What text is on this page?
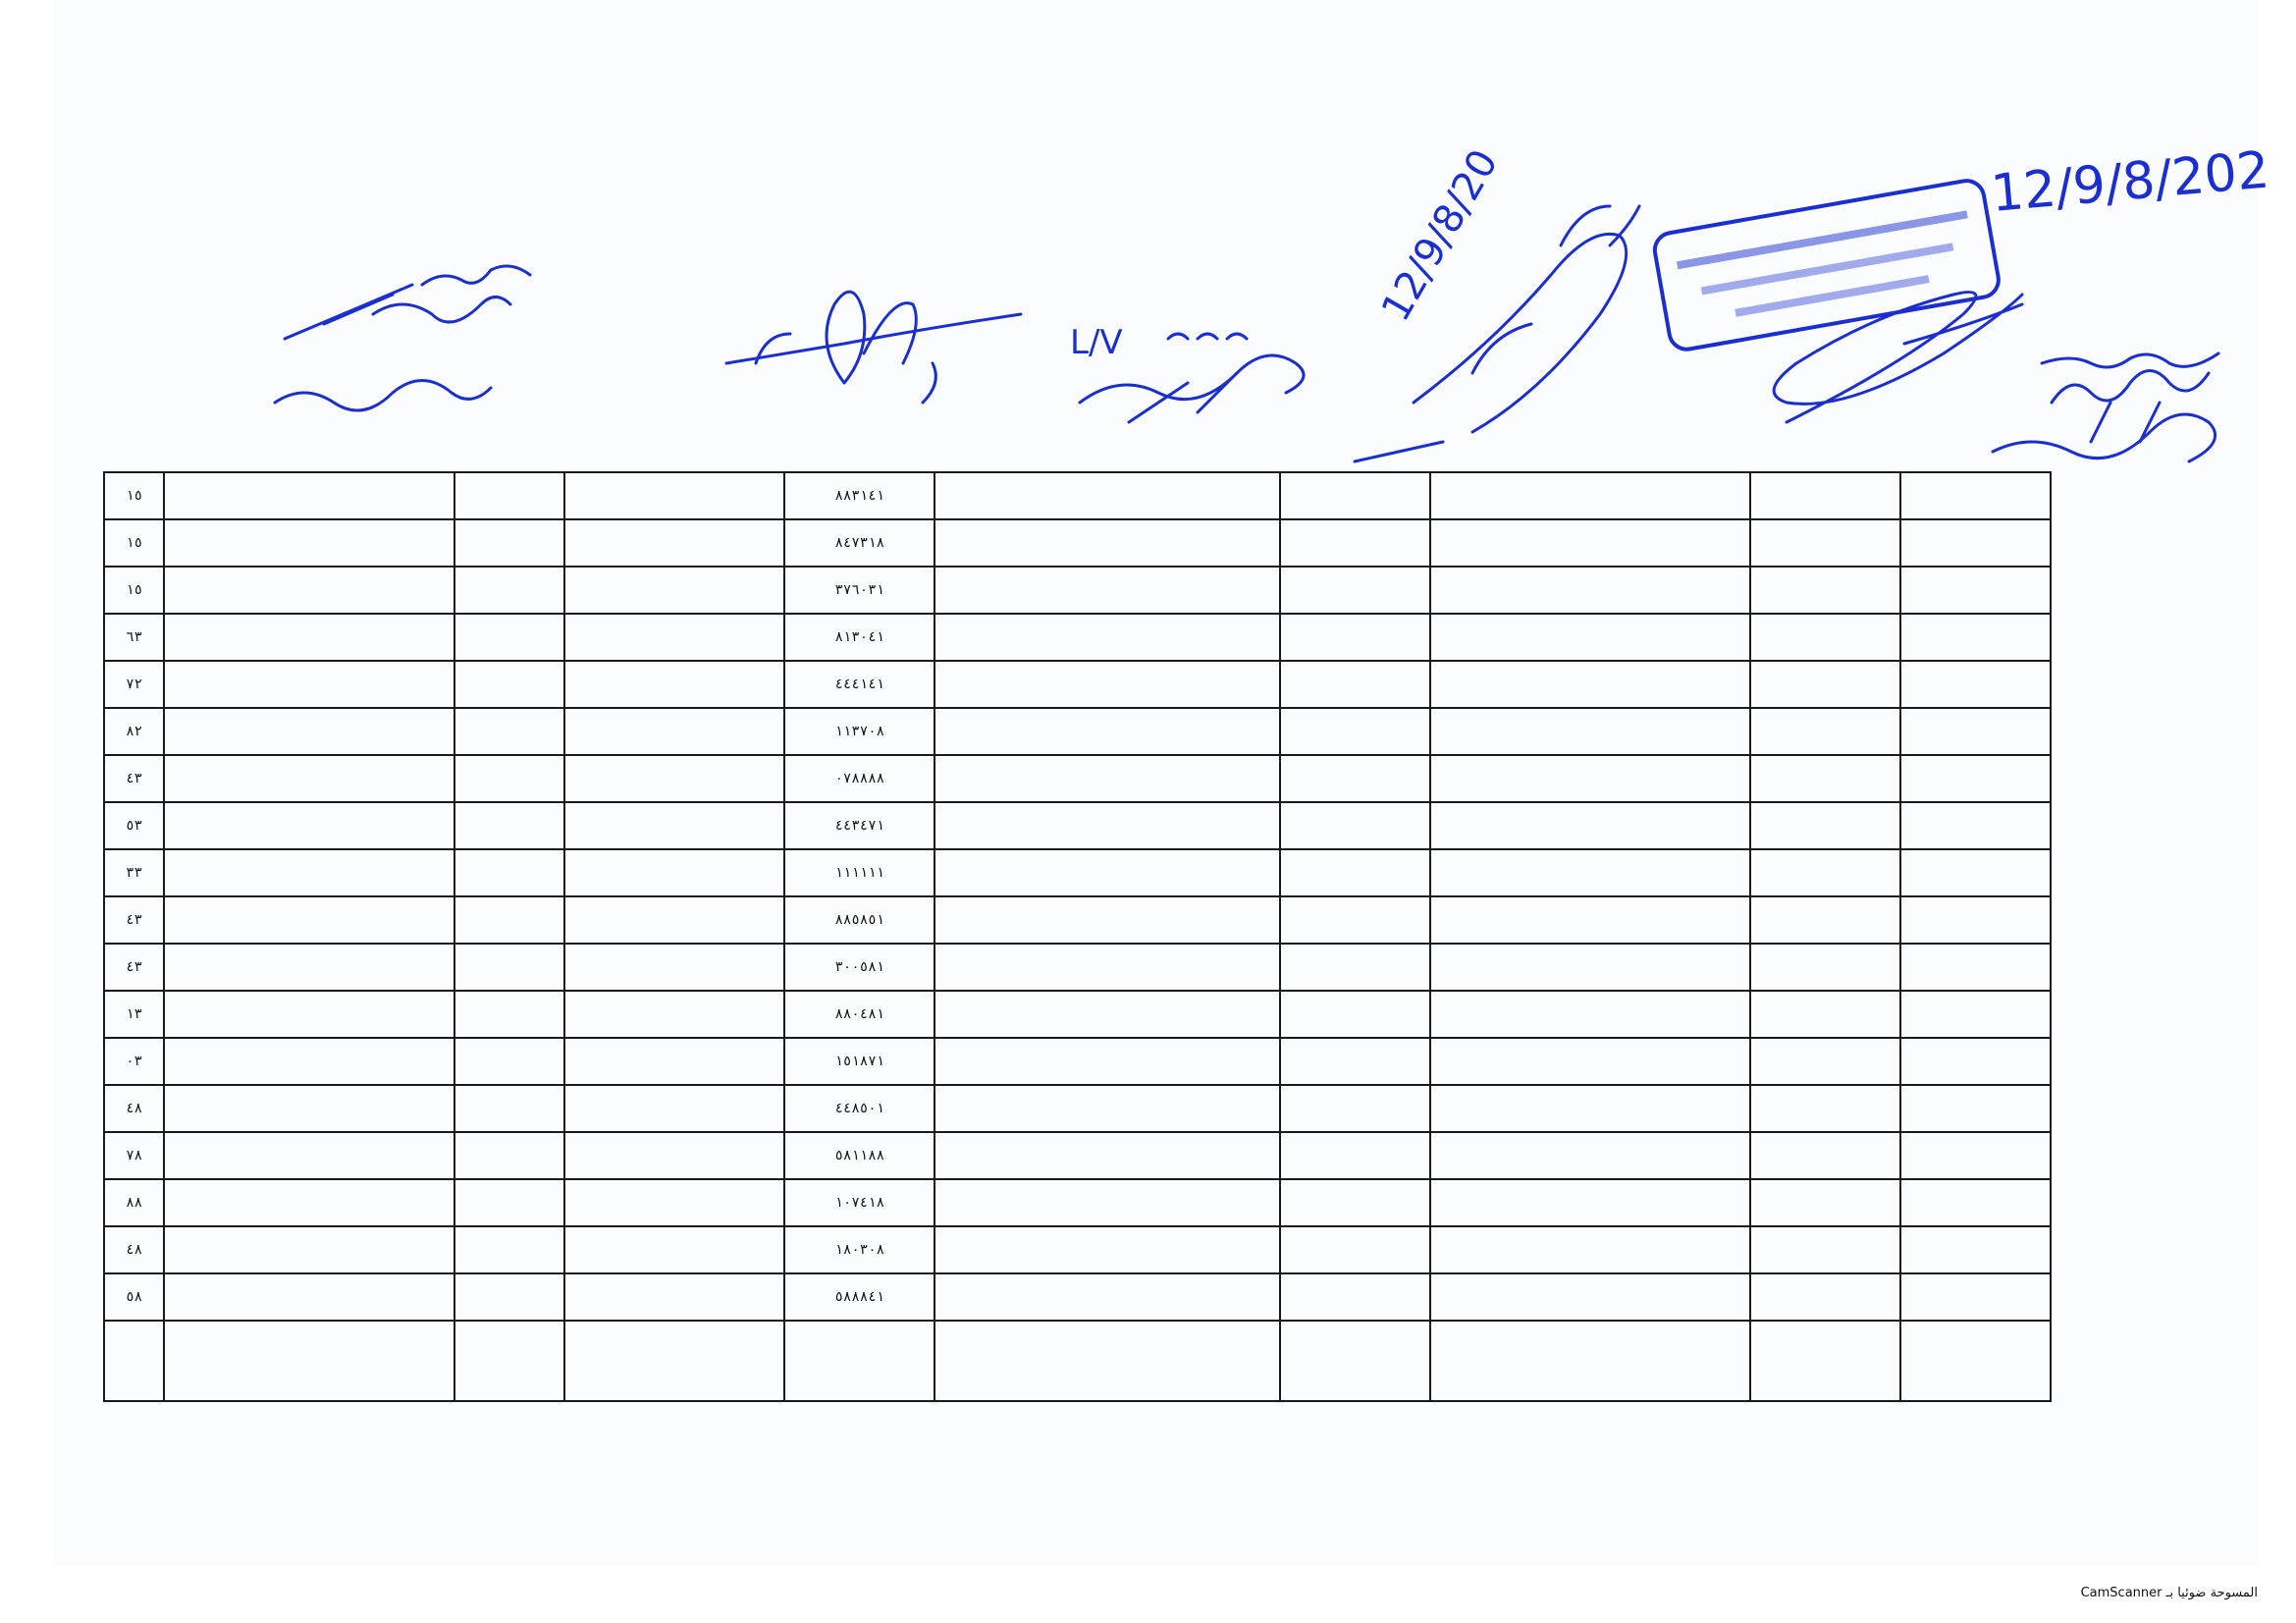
					٨٨٣١٤١				١٥
					٨٤٧٣١٨				١٥
					٣٧٦٠٣١				١٥
					٨١٣٠٤١				٦٣
					٤٤٤١٤١				٧٢
					١١٣٧٠٨				٨٢
					٠٧٨٨٨٨				٤٣
					٤٤٣٤٧١				٥٣
					١١١١١١				٣٣
					٨٨٥٨٥١				٤٣
					٣٠٠٥٨١				٤٣
					٨٨٠٤٨١				١٣
					١٥١٨٧١				٠٣
					٤٤٨٥٠١				٤٨
					٥٨١١٨٨				٧٨
					١٠٧٤١٨				٨٨
					١٨٠٣٠٨				٤٨
					٥٨٨٨٤١				٥٨

المسوحة ضوئيا بـ CamScanner
L/V
12/9/8/20	12/9/8/202
